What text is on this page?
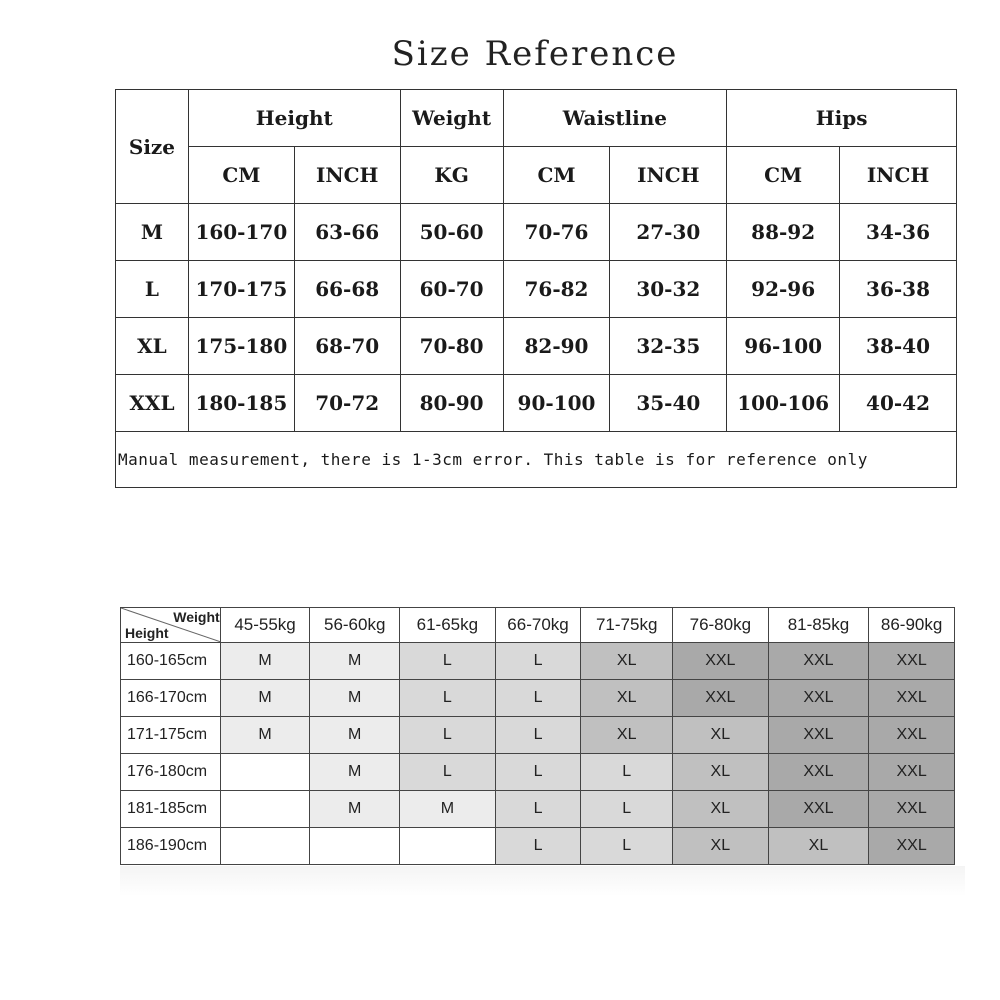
Size Reference
Size	Height		Weight	Waistline		Hips	
	CM	INCH	KG	CM	INCH	CM	INCH
M	160-170	63-66	50-60	70-76	27-30	88-92	34-36
L	170-175	66-68	60-70	76-82	30-32	92-96	36-38
XL	175-180	68-70	70-80	82-90	32-35	96-100	38-40
XXL	180-185	70-72	80-90	90-100	35-40	100-106	40-42
Manual measurement, there is 1-3cm error. This table is for reference only							
Weight
Height	45-55kg	56-60kg	61-65kg	66-70kg	71-75kg	76-80kg	81-85kg	86-90kg
160-165cm	M	M	L	L	XL	XXL	XXL	XXL
166-170cm	M	M	L	L	XL	XXL	XXL	XXL
171-175cm	M	M	L	L	XL	XL	XXL	XXL
176-180cm		M	L	L	L	XL	XXL	XXL
181-185cm		M	M	L	L	XL	XXL	XXL
186-190cm				L	L	XL	XL	XXL
